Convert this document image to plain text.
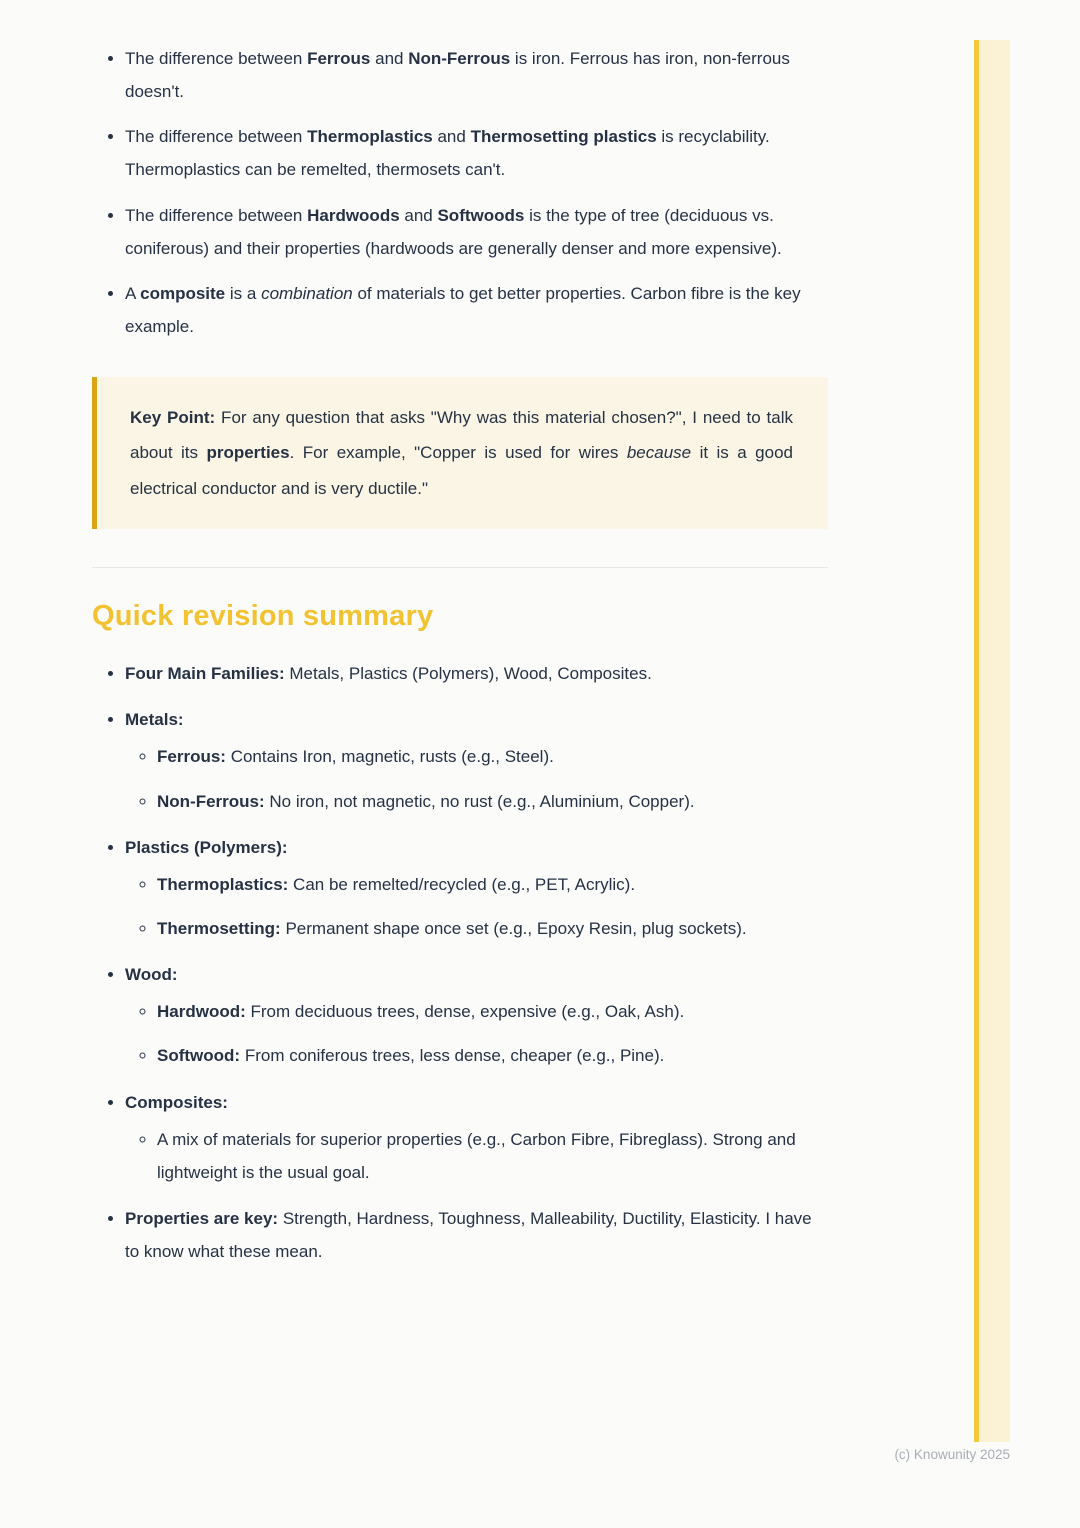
• The difference between Ferrous and Non-Ferrous is iron. Ferrous has iron, non-ferrous doesn't.
• The difference between Thermoplastics and Thermosetting plastics is recyclability. Thermoplastics can be remelted, thermosets can't.
• The difference between Hardwoods and Softwoods is the type of tree (deciduous vs. coniferous) and their properties (hardwoods are generally denser and more expensive).
• A composite is a combination of materials to get better properties. Carbon fibre is the key example.

Key Point: For any question that asks "Why was this material chosen?", I need to talk about its properties. For example, "Copper is used for wires because it is a good electrical conductor and is very ductile."

Quick revision summary
• Four Main Families: Metals, Plastics (Polymers), Wood, Composites.
• Metals:
◦ Ferrous: Contains Iron, magnetic, rusts (e.g., Steel).
◦ Non-Ferrous: No iron, not magnetic, no rust (e.g., Aluminium, Copper).
• Plastics (Polymers):
◦ Thermoplastics: Can be remelted/recycled (e.g., PET, Acrylic).
◦ Thermosetting: Permanent shape once set (e.g., Epoxy Resin, plug sockets).
• Wood:
◦ Hardwood: From deciduous trees, dense, expensive (e.g., Oak, Ash).
◦ Softwood: From coniferous trees, less dense, cheaper (e.g., Pine).
• Composites:
◦ A mix of materials for superior properties (e.g., Carbon Fibre, Fibreglass). Strong and lightweight is the usual goal.
• Properties are key: Strength, Hardness, Toughness, Malleability, Ductility, Elasticity. I have to know what these mean.
(c) Knowunity 2025
